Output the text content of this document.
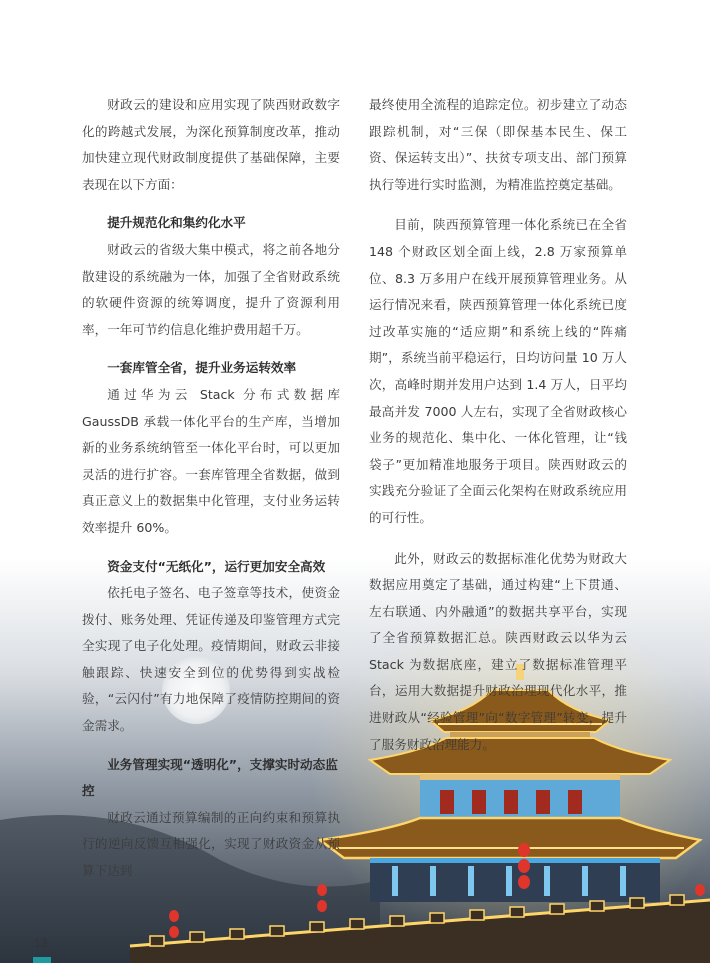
财政云的建设和应用实现了陕西财政数字化的跨越式发展，为深化预算制度改革，推动加快建立现代财政制度提供了基础保障，主要表现在以下方面：

提升规范化和集约化水平

财政云的省级大集中模式，将之前各地分散建设的系统融为一体，加强了全省财政系统的软硬件资源的统筹调度，提升了资源利用率，一年可节约信息化维护费用超千万。

一套库管全省，提升业务运转效率

通过华为云 Stack 分布式数据库 GaussDB 承载一体化平台的生产库，当增加新的业务系统纳管至一体化平台时，可以更加灵活的进行扩容。一套库管理全省数据，做到真正意义上的数据集中化管理，支付业务运转效率提升 60%。

资金支付“无纸化”，运行更加安全高效

依托电子签名、电子签章等技术，使资金拨付、账务处理、凭证传递及印鉴管理方式完全实现了电子化处理。疫情期间，财政云非接触跟踪、快速安全到位的优势得到实战检验，“云闪付”有力地保障了疫情防控期间的资金需求。

业务管理实现“透明化”，支撑实时动态监控

财政云通过预算编制的正向约束和预算执行的逆向反馈互相强化，实现了财政资金从预算下达到

最终使用全流程的追踪定位。初步建立了动态跟踪机制，对“三保（即保基本民生、保工资、保运转支出）”、扶贫专项支出、部门预算执行等进行实时监测，为精准监控奠定基础。

目前，陕西预算管理一体化系统已在全省 148 个财政区划全面上线，2.8 万家预算单位、8.3 万多用户在线开展预算管理业务。从运行情况来看，陕西预算管理一体化系统已度过改革实施的“适应期”和系统上线的“阵痛期”，系统当前平稳运行，日均访问量 10 万人次，高峰时期并发用户达到 1.4 万人，日平均最高并发 7000 人左右，实现了全省财政核心业务的规范化、集中化、一体化管理，让“钱袋子”更加精准地服务于项目。陕西财政云的实践充分验证了全面云化架构在财政系统应用的可行性。

此外，财政云的数据标准化优势为财政大数据应用奠定了基础，通过构建“上下贯通、左右联通、内外融通”的数据共享平台，实现了全省预算数据汇总。陕西财政云以华为云 Stack 为数据底座，建立了数据标准管理平台，运用大数据提升财政治理现代化水平，推进财政从“经验管理”向“数字管理”转变，提升了服务财政治理能力。

13
